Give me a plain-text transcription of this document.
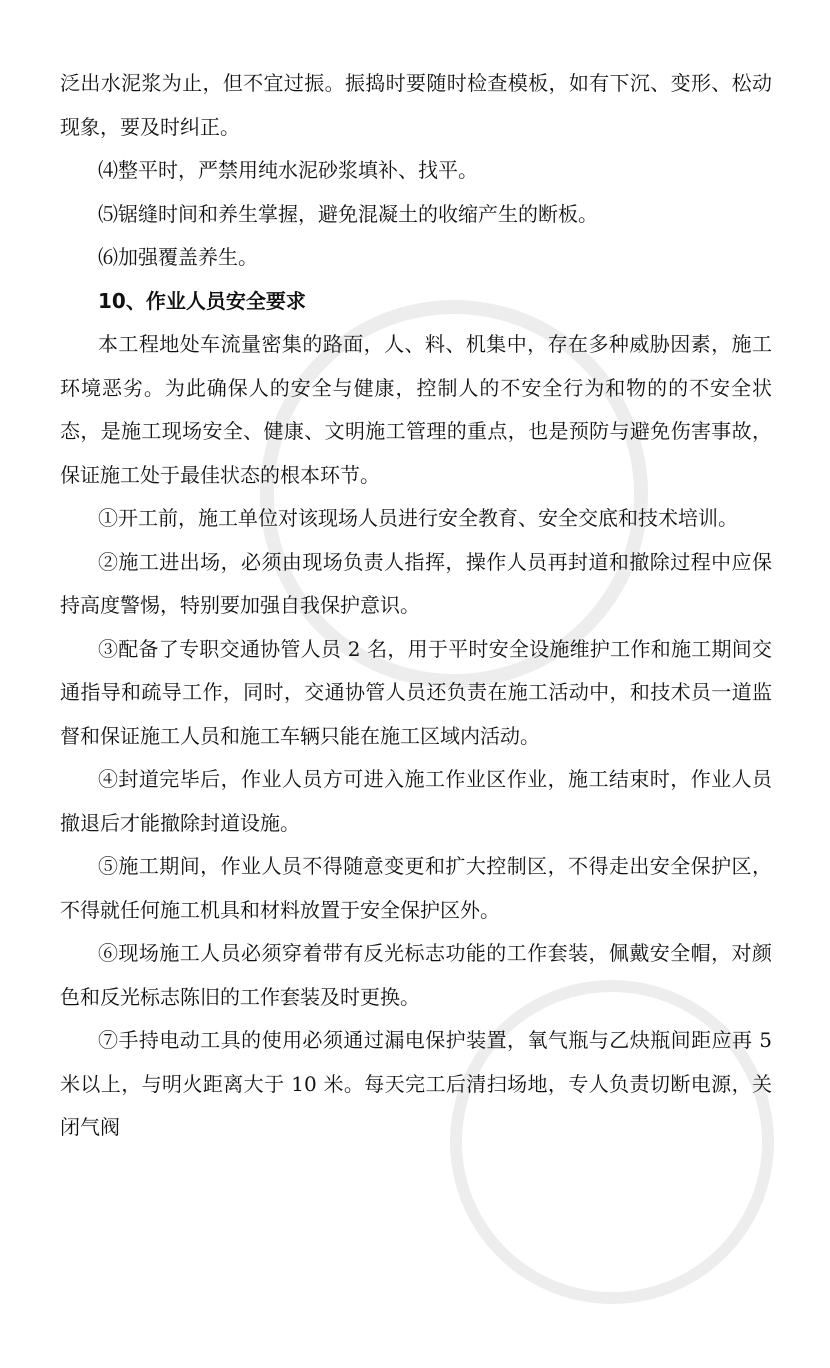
泛出水泥浆为止，但不宜过振。振捣时要随时检查模板，如有下沉、变形、松动现象，要及时纠正。

⑷整平时，严禁用纯水泥砂浆填补、找平。

⑸锯缝时间和养生掌握，避免混凝土的收缩产生的断板。

⑹加强覆盖养生。

10、作业人员安全要求

本工程地处车流量密集的路面，人、料、机集中，存在多种威胁因素，施工环境恶劣。为此确保人的安全与健康，控制人的不安全行为和物的的不安全状态，是施工现场安全、健康、文明施工管理的重点，也是预防与避免伤害事故，保证施工处于最佳状态的根本环节。

①开工前，施工单位对该现场人员进行安全教育、安全交底和技术培训。

②施工进出场，必须由现场负责人指挥，操作人员再封道和撤除过程中应保持高度警惕，特别要加强自我保护意识。

③配备了专职交通协管人员 2 名，用于平时安全设施维护工作和施工期间交通指导和疏导工作，同时，交通协管人员还负责在施工活动中，和技术员一道监督和保证施工人员和施工车辆只能在施工区域内活动。

④封道完毕后，作业人员方可进入施工作业区作业，施工结束时，作业人员撤退后才能撤除封道设施。

⑤施工期间，作业人员不得随意变更和扩大控制区，不得走出安全保护区，不得就任何施工机具和材料放置于安全保护区外。

⑥现场施工人员必须穿着带有反光标志功能的工作套装，佩戴安全帽，对颜色和反光标志陈旧的工作套装及时更换。

⑦手持电动工具的使用必须通过漏电保护装置，氧气瓶与乙炔瓶间距应再 5 米以上，与明火距离大于 10 米。每天完工后清扫场地，专人负责切断电源，关闭气阀
